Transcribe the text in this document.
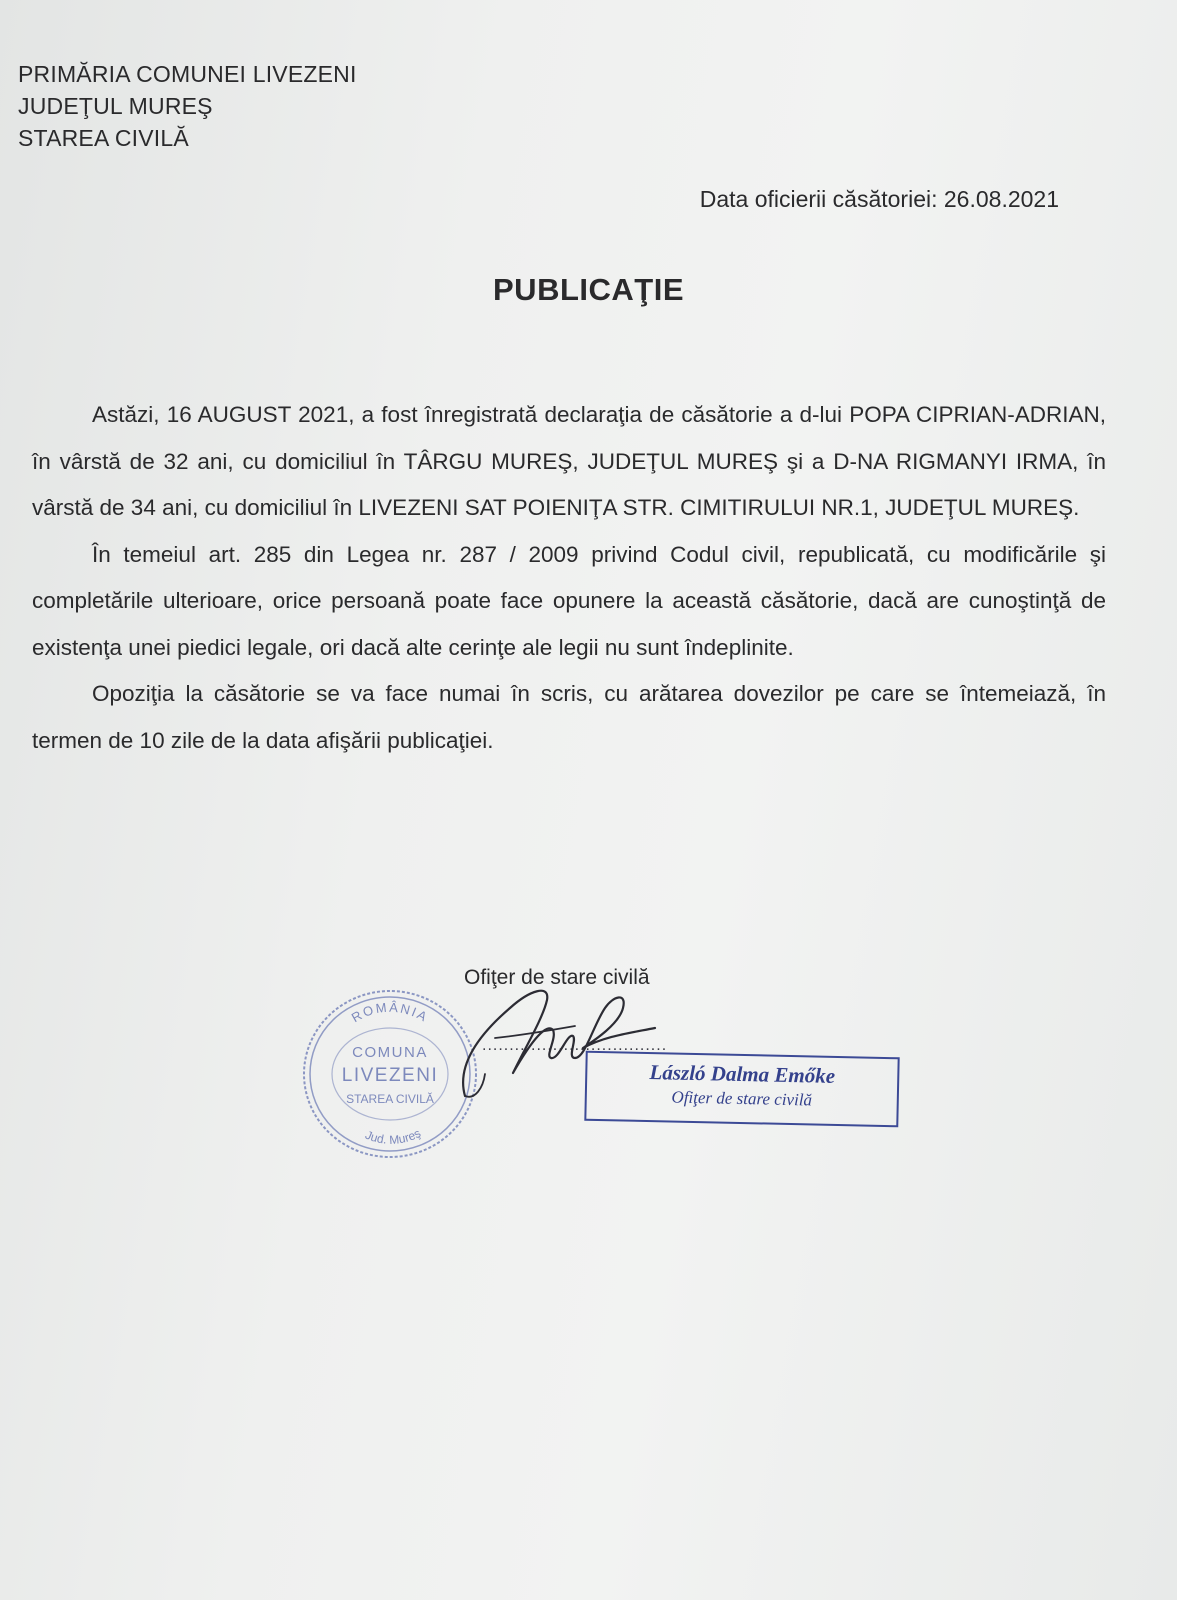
PRIMĂRIA COMUNEI LIVEZENI
JUDEŢUL MUREŞ
STAREA CIVILĂ
Data oficierii căsătoriei: 26.08.2021
PUBLICAŢIE

Astăzi, 16 AUGUST 2021, a fost înregistrată declaraţia de căsătorie a d-lui POPA CIPRIAN-ADRIAN, în vârstă de 32 ani, cu domiciliul în TÂRGU MUREŞ, JUDEŢUL MUREŞ şi a D-NA RIGMANYI IRMA, în vârstă de 34 ani, cu domiciliul în LIVEZENI SAT POIENIŢA STR. CIMITIRULUI NR.1, JUDEŢUL MUREŞ.

În temeiul art. 285 din Legea nr. 287 / 2009 privind Codul civil, republicată, cu modificările şi completările ulterioare, orice persoană poate face opunere la această căsătorie, dacă are cunoştinţă de existenţa unei piedici legale, ori dacă alte cerinţe ale legii nu sunt îndeplinite.

Opoziţia la căsătorie se va face numai în scris, cu arătarea dovezilor pe care se întemeiază, în termen de 10 zile de la data afişării publicaţiei.

Ofiţer de stare civilă
..................................
ROMÂNIA
COMUNA
LIVEZENI
STAREA CIVILĂ
Jud. Mureş
László Dalma Emőke
Ofiţer de stare civilă
